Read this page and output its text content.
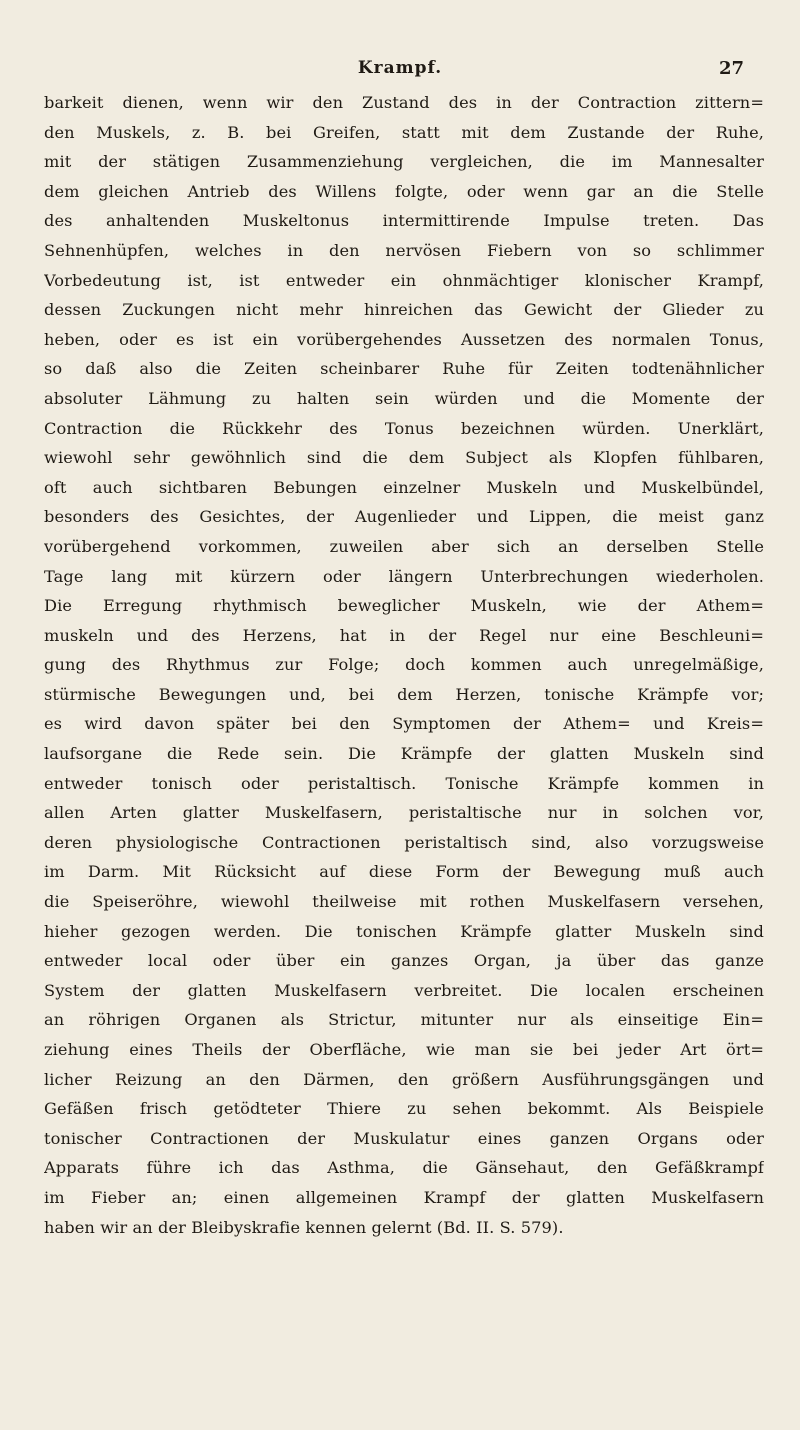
Krampf.	27
barkeit dienen, wenn wir den Zustand des in der Contraction zittern=
den Muskels, z. B. bei Greifen, statt mit dem Zustande der Ruhe,
mit der stätigen Zusammenziehung vergleichen, die im Mannesalter
dem gleichen Antrieb des Willens folgte, oder wenn gar an die Stelle
des anhaltenden Muskeltonus intermittirende Impulse treten. Das
Sehnenhüpfen, welches in den nervösen Fiebern von so schlimmer
Vorbedeutung ist, ist entweder ein ohnmächtiger klonischer Krampf,
dessen Zuckungen nicht mehr hinreichen das Gewicht der Glieder zu
heben, oder es ist ein vorübergehendes Aussetzen des normalen Tonus,
so daß also die Zeiten scheinbarer Ruhe für Zeiten todtenähnlicher
absoluter Lähmung zu halten sein würden und die Momente der
Contraction die Rückkehr des Tonus bezeichnen würden. Unerklärt,
wiewohl sehr gewöhnlich sind die dem Subject als Klopfen fühlbaren,
oft auch sichtbaren Bebungen einzelner Muskeln und Muskelbündel,
besonders des Gesichtes, der Augenlieder und Lippen, die meist ganz
vorübergehend vorkommen, zuweilen aber sich an derselben Stelle
Tage lang mit kürzern oder längern Unterbrechungen wiederholen.
Die Erregung rhythmisch beweglicher Muskeln, wie der Athem=
muskeln und des Herzens, hat in der Regel nur eine Beschleuni=
gung des Rhythmus zur Folge; doch kommen auch unregelmäßige,
stürmische Bewegungen und, bei dem Herzen, tonische Krämpfe vor;
es wird davon später bei den Symptomen der Athem= und Kreis=
laufsorgane die Rede sein. Die Krämpfe der glatten Muskeln sind
entweder tonisch oder peristaltisch. Tonische Krämpfe kommen in
allen Arten glatter Muskelfasern, peristaltische nur in solchen vor,
deren physiologische Contractionen peristaltisch sind, also vorzugsweise
im Darm. Mit Rücksicht auf diese Form der Bewegung muß auch
die Speiseröhre, wiewohl theilweise mit rothen Muskelfasern versehen,
hieher gezogen werden. Die tonischen Krämpfe glatter Muskeln sind
entweder local oder über ein ganzes Organ, ja über das ganze
System der glatten Muskelfasern verbreitet. Die localen erscheinen
an röhrigen Organen als Strictur, mitunter nur als einseitige Ein=
ziehung eines Theils der Oberfläche, wie man sie bei jeder Art ört=
licher Reizung an den Därmen, den größern Ausführungsgängen und
Gefäßen frisch getödteter Thiere zu sehen bekommt. Als Beispiele
tonischer Contractionen der Muskulatur eines ganzen Organs oder
Apparats führe ich das Asthma, die Gänsehaut, den Gefäßkrampf
im Fieber an; einen allgemeinen Krampf der glatten Muskelfasern
haben wir an der Bleibyskrafie kennen gelernt (Bd. II. S. 579).
